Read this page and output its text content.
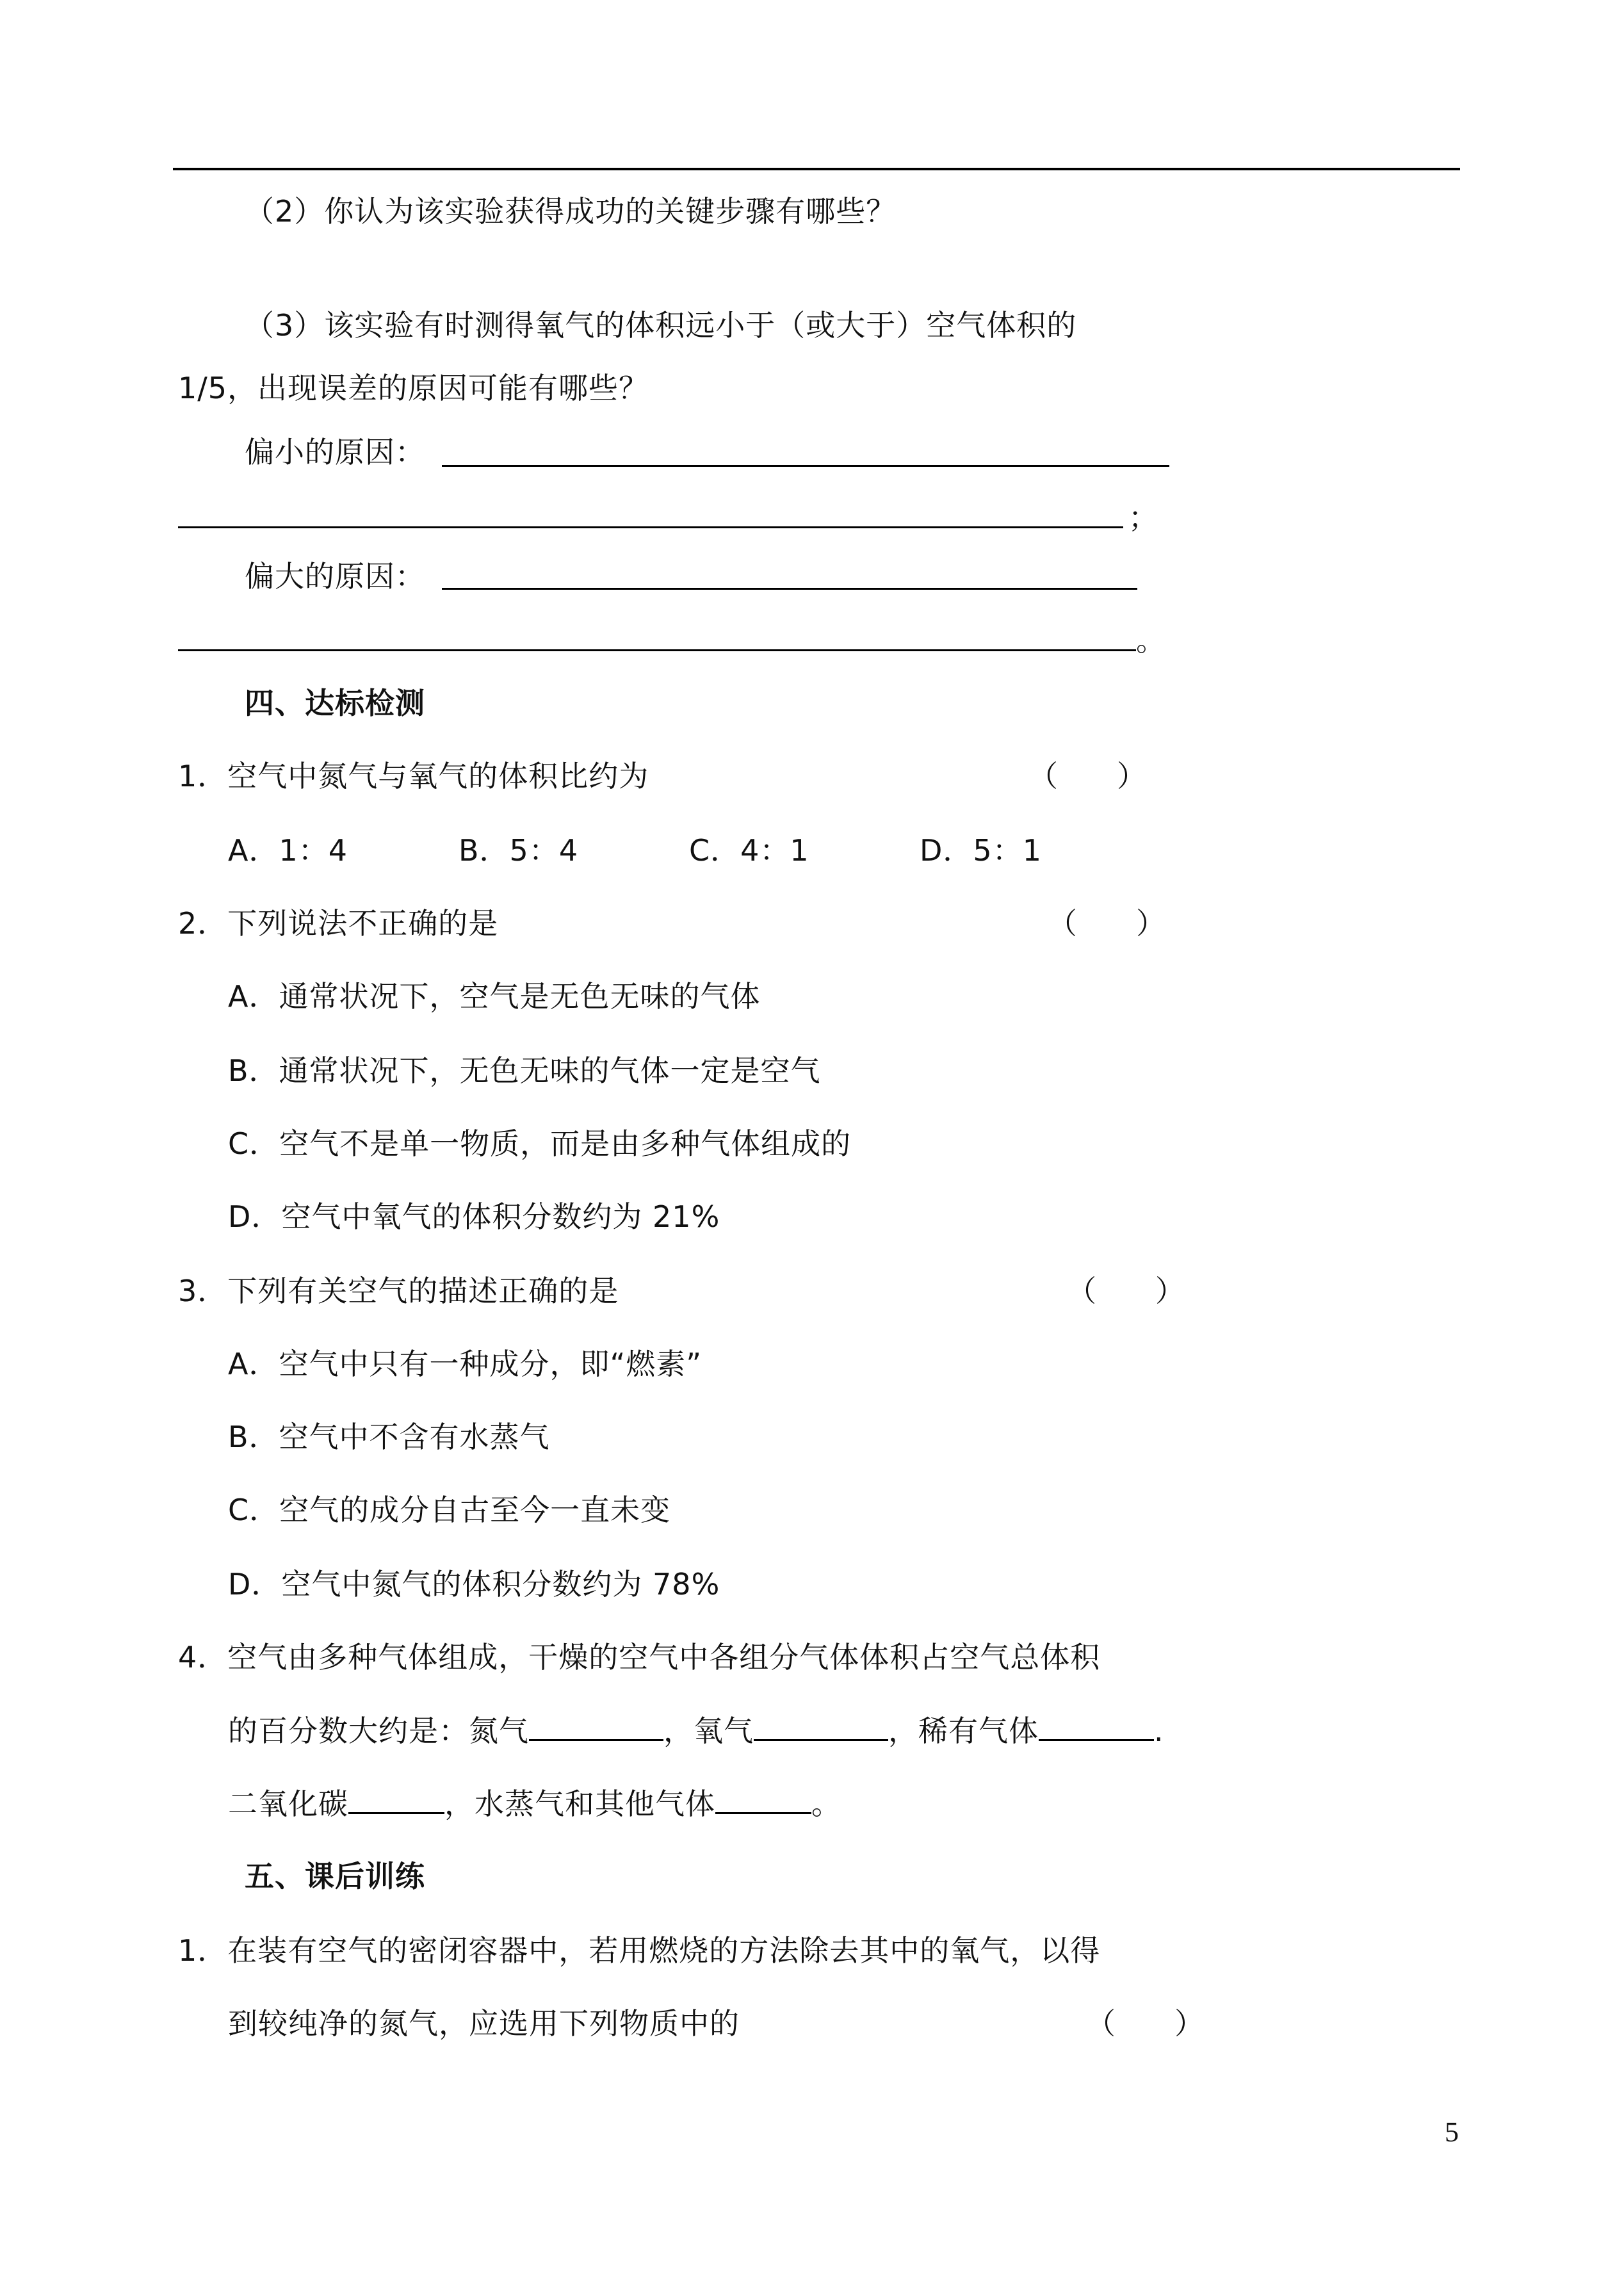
（2）你认为该实验获得成功的关键步骤有哪些？
（3）该实验有时测得氧气的体积远小于（或大于）空气体积的
1/5，出现误差的原因可能有哪些？
偏小的原因：
；
偏大的原因：
。
四、达标检测
1．空气中氮气与氧气的体积比约为	（　　）
A．1：4	B．5：4	C．4：1	D．5：1
2．下列说法不正确的是	（　　）
A．通常状况下，空气是无色无味的气体
B．通常状况下，无色无味的气体一定是空气
C．空气不是单一物质，而是由多种气体组成的
D．空气中氧气的体积分数约为 21%
3．下列有关空气的描述正确的是	（　　）
A．空气中只有一种成分，即“燃素”
B．空气中不含有水蒸气
C．空气的成分自古至今一直未变
D．空气中氮气的体积分数约为 78%
4．空气由多种气体组成，干燥的空气中各组分气体体积占空气总体积
的百分数大约是：氮气	，氧气	，稀有气体	.
二氧化碳	，水蒸气和其他气体	。
五、课后训练
1．在装有空气的密闭容器中，若用燃烧的方法除去其中的氧气，以得
到较纯净的氮气，应选用下列物质中的	（　　）
5
